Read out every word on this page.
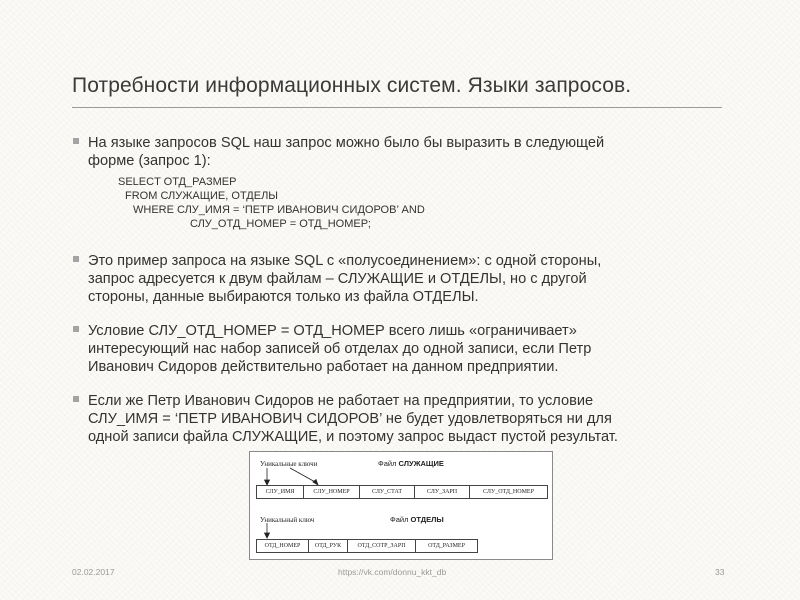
Потребности информационных систем. Языки запросов.
На языке запросов SQL наш запрос можно было бы выразить в следующей
форме (запрос 1):
SELECT ОТД_РАЗМЕР
FROM СЛУЖАЩИЕ, ОТДЕЛЫ
WHERE СЛУ_ИМЯ = ‘ПЕТР ИВАНОВИЧ СИДОРОВ’ AND
СЛУ_ОТД_НОМЕР = ОТД_НОМЕР;
Это пример запроса на языке SQL с «полусоединением»: с одной стороны,
запрос адресуется к двум файлам – СЛУЖАЩИЕ и ОТДЕЛЫ, но с другой
стороны, данные выбираются только из файла ОТДЕЛЫ.
Условие СЛУ_ОТД_НОМЕР = ОТД_НОМЕР всего лишь «ограничивает»
интересующий нас набор записей об отделах до одной записи, если Петр
Иванович Сидоров действительно работает на данном предприятии.
Если же Петр Иванович Сидоров не работает на предприятии, то условие
СЛУ_ИМЯ = ‘ПЕТР ИВАНОВИЧ СИДОРОВ’ не будет удовлетворяться ни для
одной записи файла СЛУЖАЩИЕ, и поэтому запрос выдаст пустой результат.
Уникальные ключи	Файл СЛУЖАЩИЕ
СЛУ_ИМЯ	СЛУ_НОМЕР	СЛУ_СТАТ	СЛУ_ЗАРП	СЛУ_ОТД_НОМЕР
Уникальный ключ	Файл ОТДЕЛЫ
ОТД_НОМЕР	ОТД_РУК	ОТД_СОТР_ЗАРП	ОТД_РАЗМЕР
02.02.2017	https://vk.com/donnu_kkt_db	33
